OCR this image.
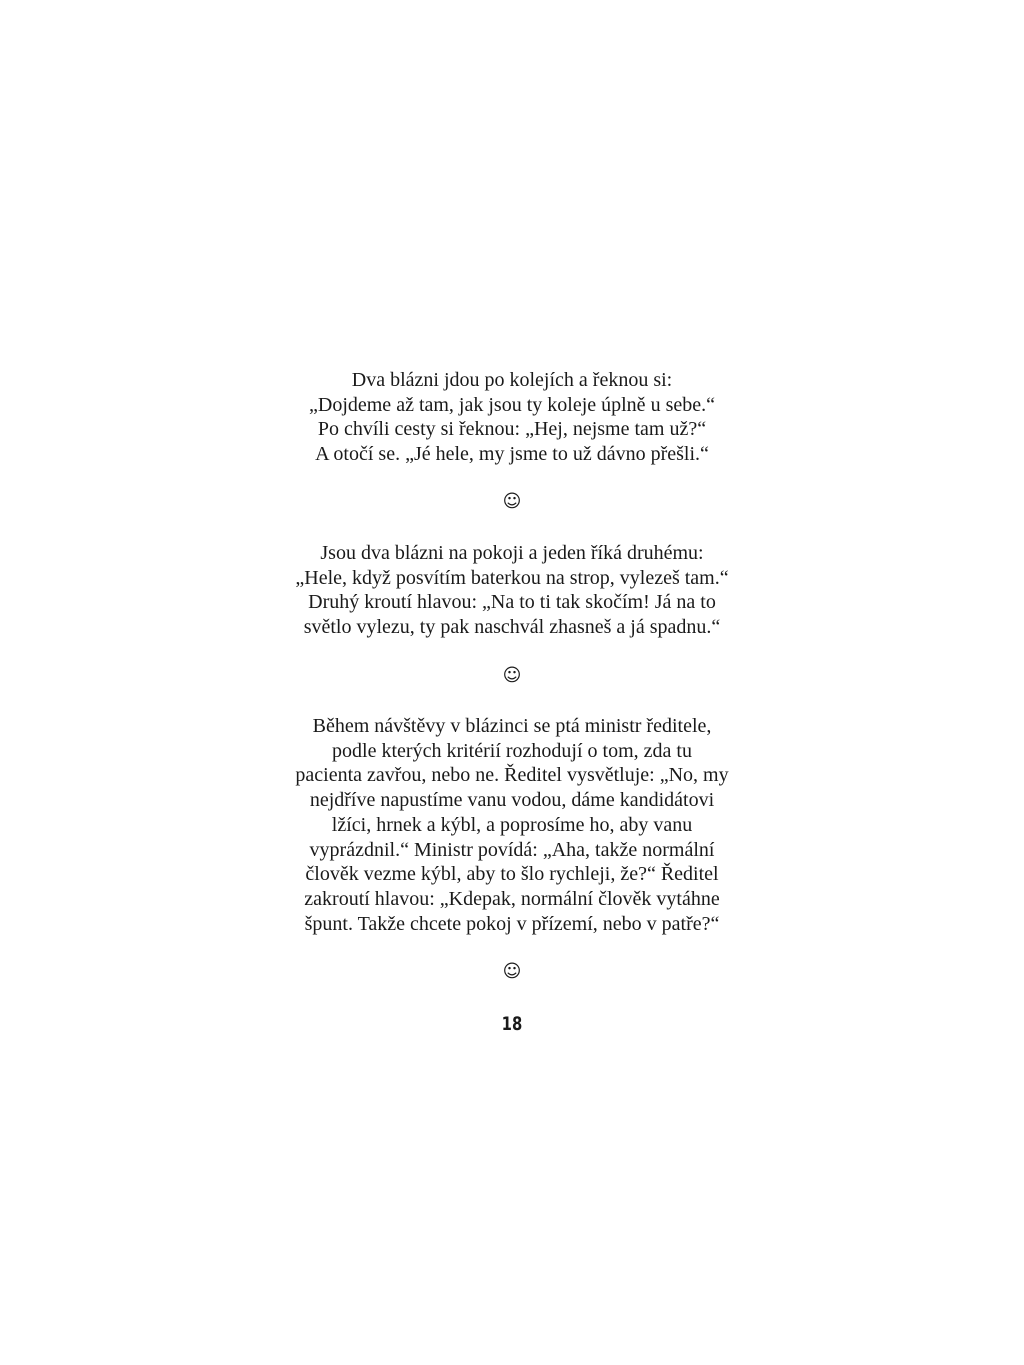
Dva blázni jdou po kolejích a řeknou si:
„Dojdeme až tam, jak jsou ty koleje úplně u sebe.“
Po chvíli cesty si řeknou: „Hej, nejsme tam už?“
A otočí se. „Jé hele, my jsme to už dávno přešli.“
☺
Jsou dva blázni na pokoji a jeden říká druhému:
„Hele, když posvítím baterkou na strop, vylezeš tam.“
Druhý kroutí hlavou: „Na to ti tak skočím! Já na to
světlo vylezu, ty pak naschvál zhasneš a já spadnu.“
☺
Během návštěvy v blázinci se ptá ministr ředitele,
podle kterých kritérií rozhodují o tom, zda tu
pacienta zavřou, nebo ne. Ředitel vysvětluje: „No, my
nejdříve napustíme vanu vodou, dáme kandidátovi
lžíci, hrnek a kýbl, a poprosíme ho, aby vanu
vyprázdnil.“ Ministr povídá: „Aha, takže normální
člověk vezme kýbl, aby to šlo rychleji, že?“ Ředitel
zakroutí hlavou: „Kdepak, normální člověk vytáhne
špunt. Takže chcete pokoj v přízemí, nebo v patře?“
☺
18
